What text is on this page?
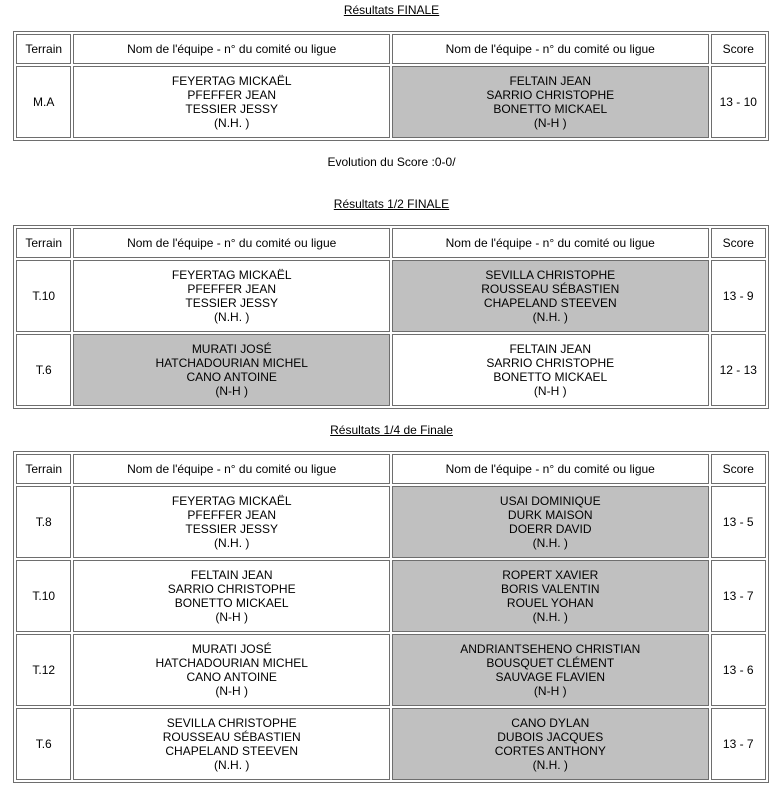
Résultats FINALE
Terrain	Nom de l'équipe - n° du comité ou ligue	Nom de l'équipe - n° du comité ou ligue	Score
M.A	FEYERTAG MICKAËL
PFEFFER JEAN
TESSIER JESSY
(N.H. )	FELTAIN JEAN
SARRIO CHRISTOPHE
BONETTO MICKAEL
(N-H )	13 - 10
Evolution du Score :0-0/
Résultats 1/2 FINALE
Terrain	Nom de l'équipe - n° du comité ou ligue	Nom de l'équipe - n° du comité ou ligue	Score
T.10	FEYERTAG MICKAËL
PFEFFER JEAN
TESSIER JESSY
(N.H. )	SEVILLA CHRISTOPHE
ROUSSEAU SÉBASTIEN
CHAPELAND STEEVEN
(N.H. )	13 - 9
T.6	MURATI JOSÉ
HATCHADOURIAN MICHEL
CANO ANTOINE
(N-H )	FELTAIN JEAN
SARRIO CHRISTOPHE
BONETTO MICKAEL
(N-H )	12 - 13
Résultats 1/4 de Finale
Terrain	Nom de l'équipe - n° du comité ou ligue	Nom de l'équipe - n° du comité ou ligue	Score
T.8	FEYERTAG MICKAËL
PFEFFER JEAN
TESSIER JESSY
(N.H. )	USAI DOMINIQUE
DURK MAISON
DOERR DAVID
(N.H. )	13 - 5
T.10	FELTAIN JEAN
SARRIO CHRISTOPHE
BONETTO MICKAEL
(N-H )	ROPERT XAVIER
BORIS VALENTIN
ROUEL YOHAN
(N.H. )	13 - 7
T.12	MURATI JOSÉ
HATCHADOURIAN MICHEL
CANO ANTOINE
(N-H )	ANDRIANTSEHENO CHRISTIAN
BOUSQUET CLÉMENT
SAUVAGE FLAVIEN
(N-H )	13 - 6
T.6	SEVILLA CHRISTOPHE
ROUSSEAU SÉBASTIEN
CHAPELAND STEEVEN
(N.H. )	CANO DYLAN
DUBOIS JACQUES
CORTES ANTHONY
(N.H. )	13 - 7
